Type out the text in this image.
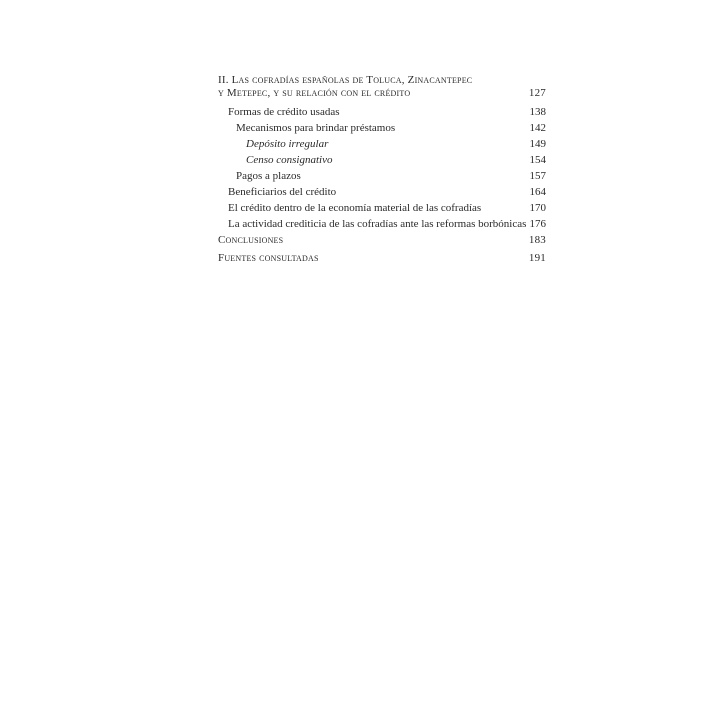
II. Las cofradías españolas de Toluca, Zinacantepec
y Metepec, y su relación con el crédito	127
Formas de crédito usadas	138
Mecanismos para brindar préstamos	142
Depósito irregular	149
Censo consignativo	154
Pagos a plazos	157
Beneficiarios del crédito	164
El crédito dentro de la economía material de las cofradías	170
La actividad crediticia de las cofradías ante las reformas borbónicas 176
Conclusiones	183
Fuentes consultadas	191
